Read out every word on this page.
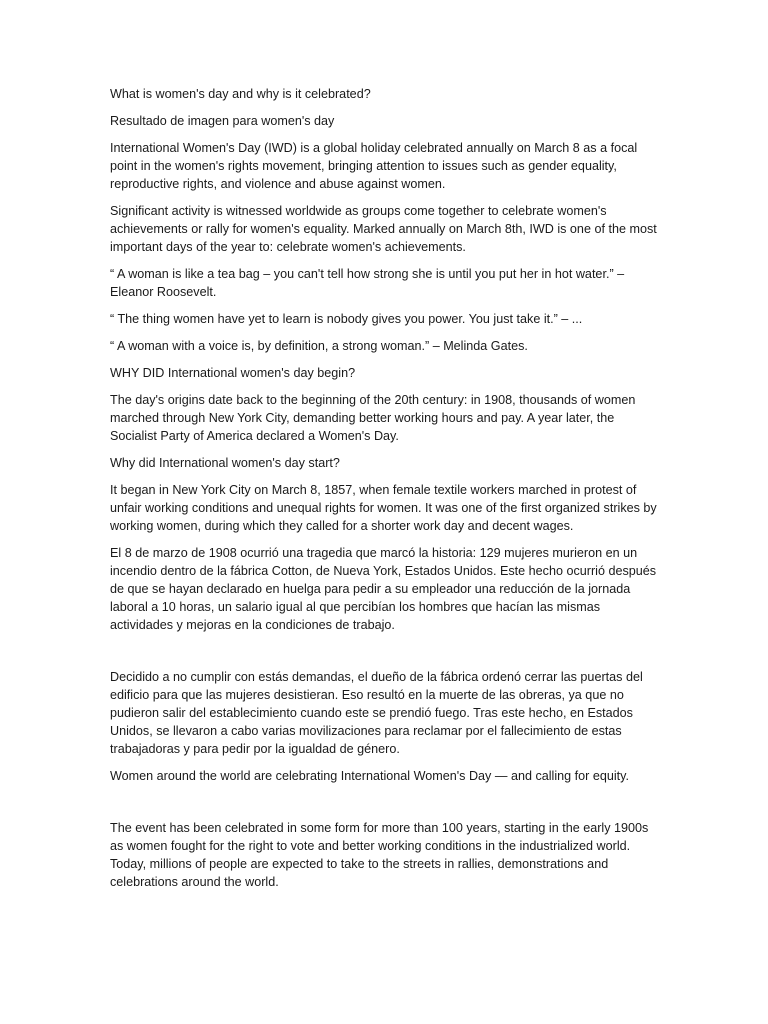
What is women's day and why is it celebrated?

Resultado de imagen para women's day

International Women's Day (IWD) is a global holiday celebrated annually on March 8 as a focal point in the women's rights movement, bringing attention to issues such as gender equality, reproductive rights, and violence and abuse against women.

Significant activity is witnessed worldwide as groups come together to celebrate women's achievements or rally for women's equality. Marked annually on March 8th, IWD is one of the most important days of the year to: celebrate women's achievements.

“ A woman is like a tea bag – you can't tell how strong she is until you put her in hot water.” – Eleanor Roosevelt.

“ The thing women have yet to learn is nobody gives you power. You just take it.” – ...

“ A woman with a voice is, by definition, a strong woman.” – Melinda Gates.

WHY DID International women's day begin?

The day's origins date back to the beginning of the 20th century: in 1908, thousands of women marched through New York City, demanding better working hours and pay. A year later, the Socialist Party of America declared a Women's Day.

Why did International women's day start?

It began in New York City on March 8, 1857, when female textile workers marched in protest of unfair working conditions and unequal rights for women. It was one of the first organized strikes by working women, during which they called for a shorter work day and decent wages.

El 8 de marzo de 1908 ocurrió una tragedia que marcó la historia: 129 mujeres murieron en un incendio dentro de la fábrica Cotton, de Nueva York, Estados Unidos. Este hecho ocurrió después de que se hayan declarado en huelga para pedir a su empleador una reducción de la jornada laboral a 10 horas, un salario igual al que percibían los hombres que hacían las mismas actividades y mejoras en la condiciones de trabajo.

Decidido a no cumplir con estás demandas, el dueño de la fábrica ordenó cerrar las puertas del edificio para que las mujeres desistieran. Eso resultó en la muerte de las obreras, ya que no pudieron salir del establecimiento cuando este se prendió fuego. Tras este hecho, en Estados Unidos, se llevaron a cabo varias movilizaciones para reclamar por el fallecimiento de estas trabajadoras y para pedir por la igualdad de género.

Women around the world are celebrating International Women's Day — and calling for equity.

The event has been celebrated in some form for more than 100 years, starting in the early 1900s as women fought for the right to vote and better working conditions in the industrialized world. Today, millions of people are expected to take to the streets in rallies, demonstrations and celebrations around the world.
